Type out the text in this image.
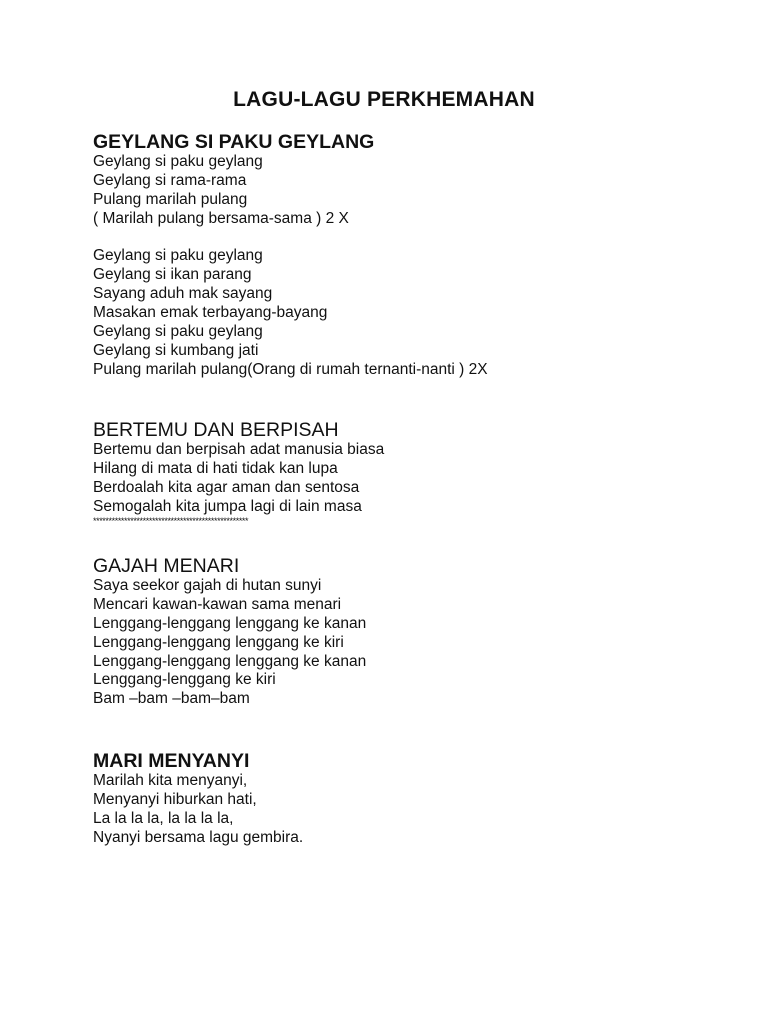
LAGU-LAGU PERKHEMAHAN
GEYLANG SI PAKU GEYLANG
Geylang si paku geylang
Geylang si rama-rama
Pulang marilah pulang
( Marilah pulang bersama-sama ) 2 X
Geylang si paku geylang
Geylang si ikan parang
Sayang aduh mak sayang
Masakan emak terbayang-bayang
Geylang si paku geylang
Geylang si kumbang jati
Pulang marilah pulang(Orang di rumah ternanti-nanti ) 2X
BERTEMU DAN BERPISAH
Bertemu dan berpisah adat manusia biasa
Hilang di mata di hati tidak kan lupa
Berdoalah kita agar aman dan sentosa
Semogalah kita jumpa lagi di lain masa
**************************************************
GAJAH MENARI
Saya seekor gajah di hutan sunyi
Mencari kawan-kawan sama menari
Lenggang-lenggang lenggang ke kanan
Lenggang-lenggang lenggang ke kiri
Lenggang-lenggang lenggang ke kanan
Lenggang-lenggang ke kiri
Bam –bam –bam–bam
MARI MENYANYI
Marilah kita menyanyi,
Menyanyi hiburkan hati,
La la la la, la la la la,
Nyanyi bersama lagu gembira.
